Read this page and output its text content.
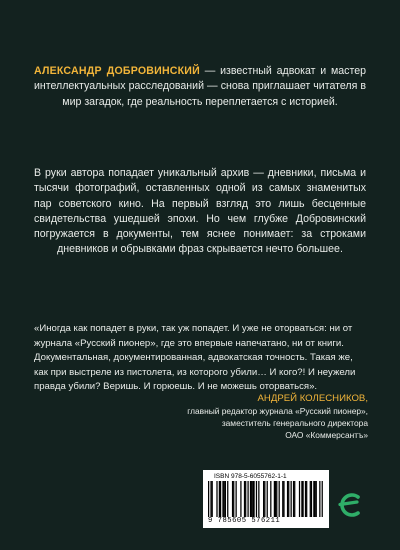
АЛЕКСАНДР ДОБРОВИНСКИЙ — известный адвокат и мастер интеллектуальных расследований — снова приглашает читателя в мир загадок, где реальность переплетается с историей.

В руки автора попадает уникальный архив — дневники, письма и тысячи фотографий, оставленных одной из самых знаменитых пар советского кино. На первый взгляд это лишь бесценные свидетельства ушедшей эпохи. Но чем глубже Добровинский погружается в документы, тем яснее понимает: за строками дневников и обрывками фраз скрывается нечто большее.

«Иногда как попадет в руки, так уж попадет. И уже не оторваться: ни от журнала «Русский пионер», где это впервые напечатано, ни от книги. Документальная, документированная, адвокатская точность. Такая же, как при выстреле из пистолета, из которого убили… И кого?! И неужели правда убили? Веришь. И горюешь. И не можешь оторваться».

АНДРЕЙ КОЛЕСНИКОВ,
главный редактор журнала «Русский пионер»,
заместитель генерального директора
ОАО «Коммерсантъ»
ISBN 978-5-6055762-1-1
9 785605 576211
